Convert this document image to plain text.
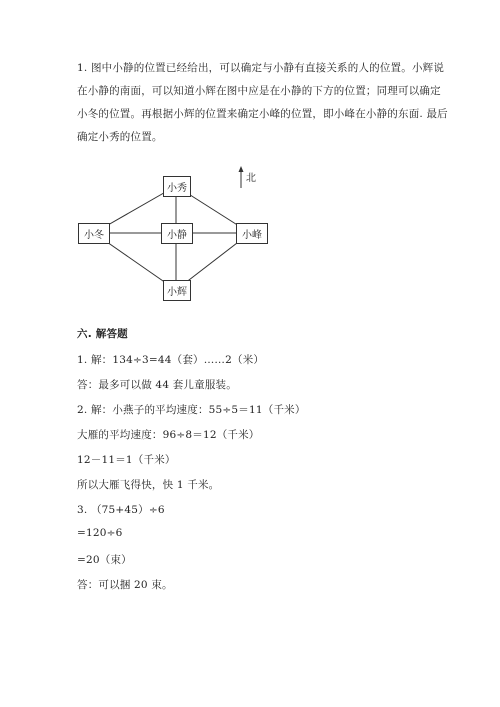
1. 图中小静的位置已经给出，可以确定与小静有直接关系的人的位置。小辉说
在小静的南面，可以知道小辉在图中应是在小静的下方的位置；同理可以确定
小冬的位置。再根据小辉的位置来确定小峰的位置，即小峰在小静的东面. 最后
确定小秀的位置。
北
小秀
小冬	小静	小峰
小辉
六. 解答题
1. 解：134÷3=44（套）……2（米）
答：最多可以做 44 套儿童服装。
2. 解：小燕子的平均速度：55÷5＝11（千米）
大雁的平均速度：96÷8＝12（千米）
12－11＝1（千米）
所以大雁飞得快，快 1 千米。
3. （75+45）÷6
=120÷6
=20（束）
答：可以捆 20 束。
